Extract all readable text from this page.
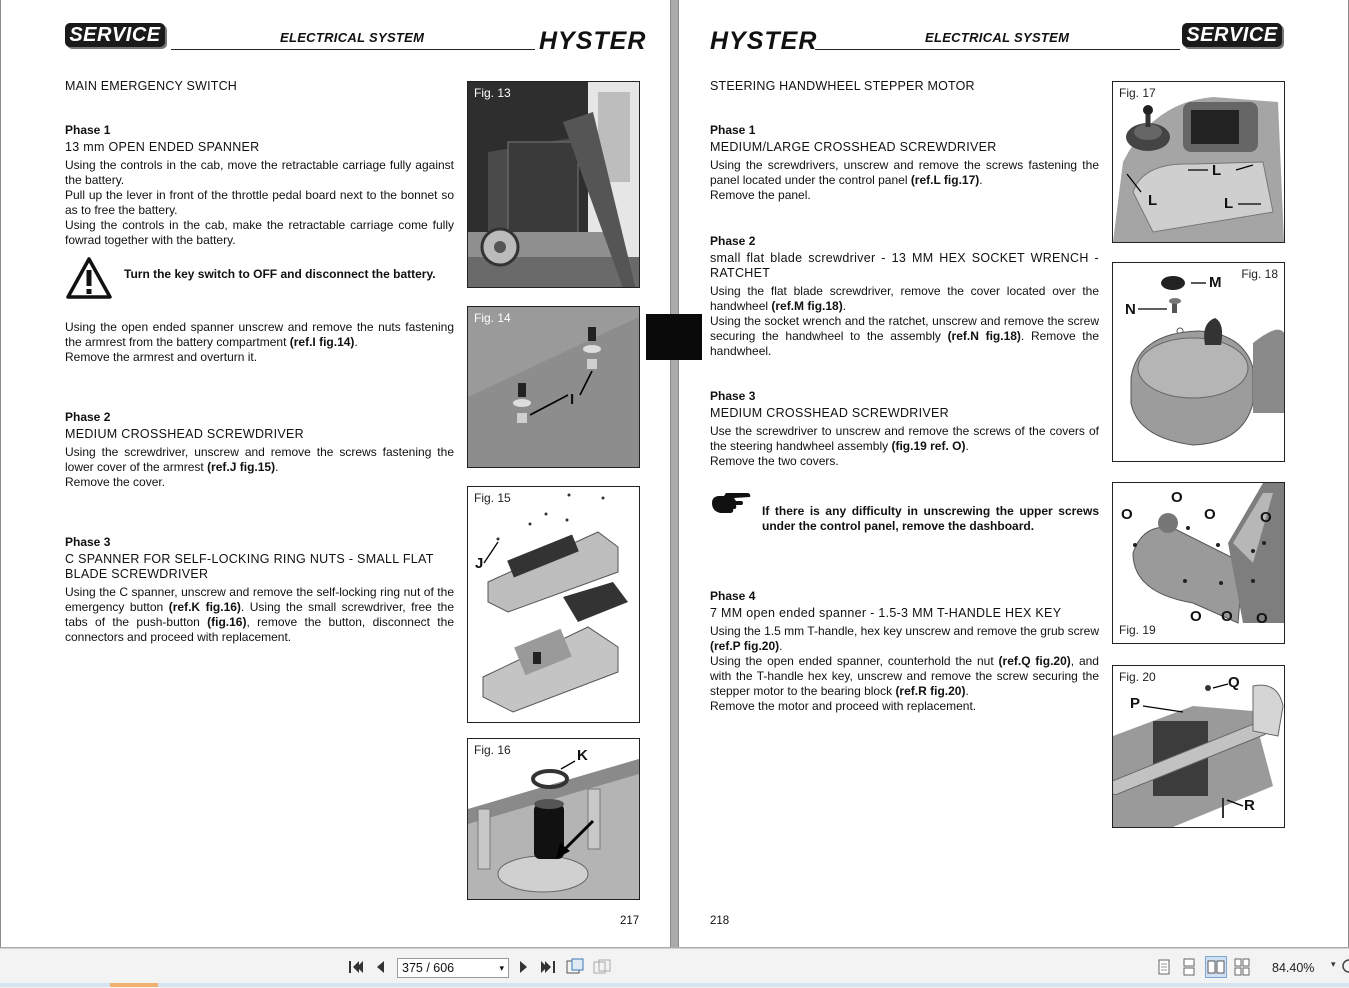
SERVICE	ELECTRICAL SYSTEM	HYSTER
MAIN EMERGENCY SWITCH
Phase 1
13 mm OPEN ENDED SPANNER
Using the controls in the cab, move the retractable carriage fully against the battery.
Pull up the lever in front of the throttle pedal board next to the bonnet so as to free the battery.
Using the controls in the cab, make the retractable carriage come fully fowrad together with the battery.
Turn the key switch to OFF and disconnect the battery.
Using the open ended spanner unscrew and remove the nuts fastening the armrest from the battery compartment (ref.I fig.14).
Remove the armrest and overturn it.
Phase 2
MEDIUM CROSSHEAD SCREWDRIVER
Using the screwdriver, unscrew and remove the screws fastening the lower cover of the armrest (ref.J fig.15).
Remove the cover.
Phase 3
C SPANNER FOR SELF-LOCKING RING NUTS - SMALL FLAT BLADE SCREWDRIVER
Using the C spanner, unscrew and remove the self-locking ring nut of the emergency button (ref.K fig.16). Using the small screwdriver, free the tabs of the push-button (fig.16), remove the button, disconnect the connectors and proceed with replacement.
Fig. 13
Fig. 14
I
Fig. 15
J
Fig. 16	K
217
HYSTER	ELECTRICAL SYSTEM	SERVICE
STEERING HANDWHEEL STEPPER MOTOR
Phase 1
MEDIUM/LARGE CROSSHEAD SCREWDRIVER
Using the screwdrivers, unscrew and remove the screws fastening the panel located under the control panel (ref.L fig.17).
Remove the panel.
Phase 2
small flat blade screwdriver - 13 MM HEX SOCKET WRENCH - RATCHET
Using the flat blade screwdriver, remove the cover located over the handwheel (ref.M fig.18).
Using the socket wrench and the ratchet, unscrew and remove the screw securing the handwheel to the assembly (ref.N fig.18). Remove the handwheel.
Phase 3
MEDIUM CROSSHEAD SCREWDRIVER
Use the screwdriver to unscrew and remove the screws of the covers of the steering handwheel assembly (fig.19 ref. O).
Remove the two covers.
If there is any difficulty in unscrewing the upper screws under the control panel, remove the dashboard.
Phase 4
7 MM open ended spanner - 1.5-3 MM T-HANDLE HEX KEY
Using the 1.5 mm T-handle, hex key unscrew and remove the grub screw (ref.P fig.20).
Using the open ended spanner, counterhold the nut (ref.Q fig.20), and with the T-handle hex key, unscrew and remove the screw securing the stepper motor to the bearing block (ref.R fig.20).
Remove the motor and proceed with replacement.
Fig. 17
L
L
L
Fig. 18
M
N
Fig. 19
O
O
O	O
O O O
Fig. 20
P
Q
R
218
375 / 606	▾	84.40% ▾
